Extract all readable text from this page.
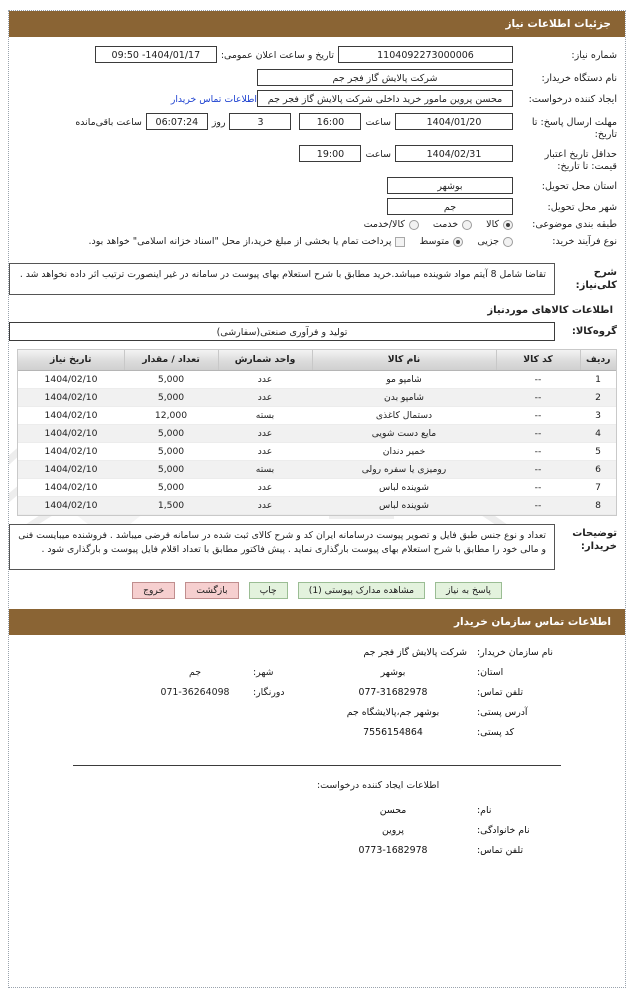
جزئیات اطلاعات نیاز
شماره نیاز:
1104092273000006
تاریخ و ساعت اعلان عمومی:
1404/01/17- 09:50
نام دستگاه خریدار:
شرکت پالایش گاز فجر جم
ایجاد کننده درخواست:
محسن پروین مامور خرید داخلی شرکت پالایش گاز فجر جم
اطلاعات تماس خریدار
مهلت ارسال پاسخ: تا تاریخ:
1404/01/20
ساعت
16:00
3
روز
06:07:24
ساعت باقی‌مانده
حداقل تاریخ اعتبار قیمت: تا تاریخ:
1404/02/31
ساعت
19:00
استان محل تحویل:
بوشهر
شهر محل تحویل:
جم
طبقه بندی موضوعی:
کالا
خدمت
کالا/خدمت
نوع فرآیند خرید:
جزیی
متوسط
پرداخت تمام یا بخشی از مبلغ خرید،از محل "اسناد خزانه اسلامی" خواهد بود.
شرح کلی‌نیاز:
تقاضا شامل 8 آیتم مواد شوینده میباشد.خرید مطابق با شرح استعلام بهای پیوست در سامانه در غیر اینصورت ترتیب اثر داده نخواهد شد .
اطلاعات کالاهای موردنیاز
گروه‌کالا:
تولید و فرآوری صنعتی(سفارشی)
ردیف	کد کالا	نام کالا	واحد شمارش	تعداد / مقدار	تاریخ نیاز
1	--	شامپو مو	عدد	5,000	1404/02/10
2	--	شامپو بدن	عدد	5,000	1404/02/10
3	--	دستمال کاغذی	بسته	12,000	1404/02/10
4	--	مایع دست شویی	عدد	5,000	1404/02/10
5	--	خمیر دندان	عدد	5,000	1404/02/10
6	--	رومیزی یا سفره رولی	بسته	5,000	1404/02/10
7	--	شوینده لباس	عدد	5,000	1404/02/10
8	--	شوینده لباس	عدد	1,500	1404/02/10
توضیحات خریدار:
تعداد و نوع جنس طبق فایل و تصویر پیوست درسامانه ایران کد و شرح کالای ثبت شده در سامانه فرضی میباشد . فروشنده میبایست فنی و مالی خود را مطابق با شرح استعلام بهای پیوست بارگذاری نماید . پیش فاکتور مطابق با تعداد اقلام فایل پیوست و بارگذاری شود .
پاسخ به نیاز
مشاهده مدارک پیوستی (1)
چاپ
بازگشت
خروج
اطلاعات تماس سازمان خریدار
نام سازمان خریدار:
شرکت پالایش گاز فجر جم
استان:
بوشهر
شهر:
جم
تلفن تماس:
077-31682978
دورنگار:
071-36264098
آدرس پستی:
بوشهر جم،پالایشگاه جم
کد پستی:
7556154864
اطلاعات ایجاد کننده درخواست:
نام:
محسن
نام خانوادگی:
پروین
تلفن تماس:
0773-1682978
